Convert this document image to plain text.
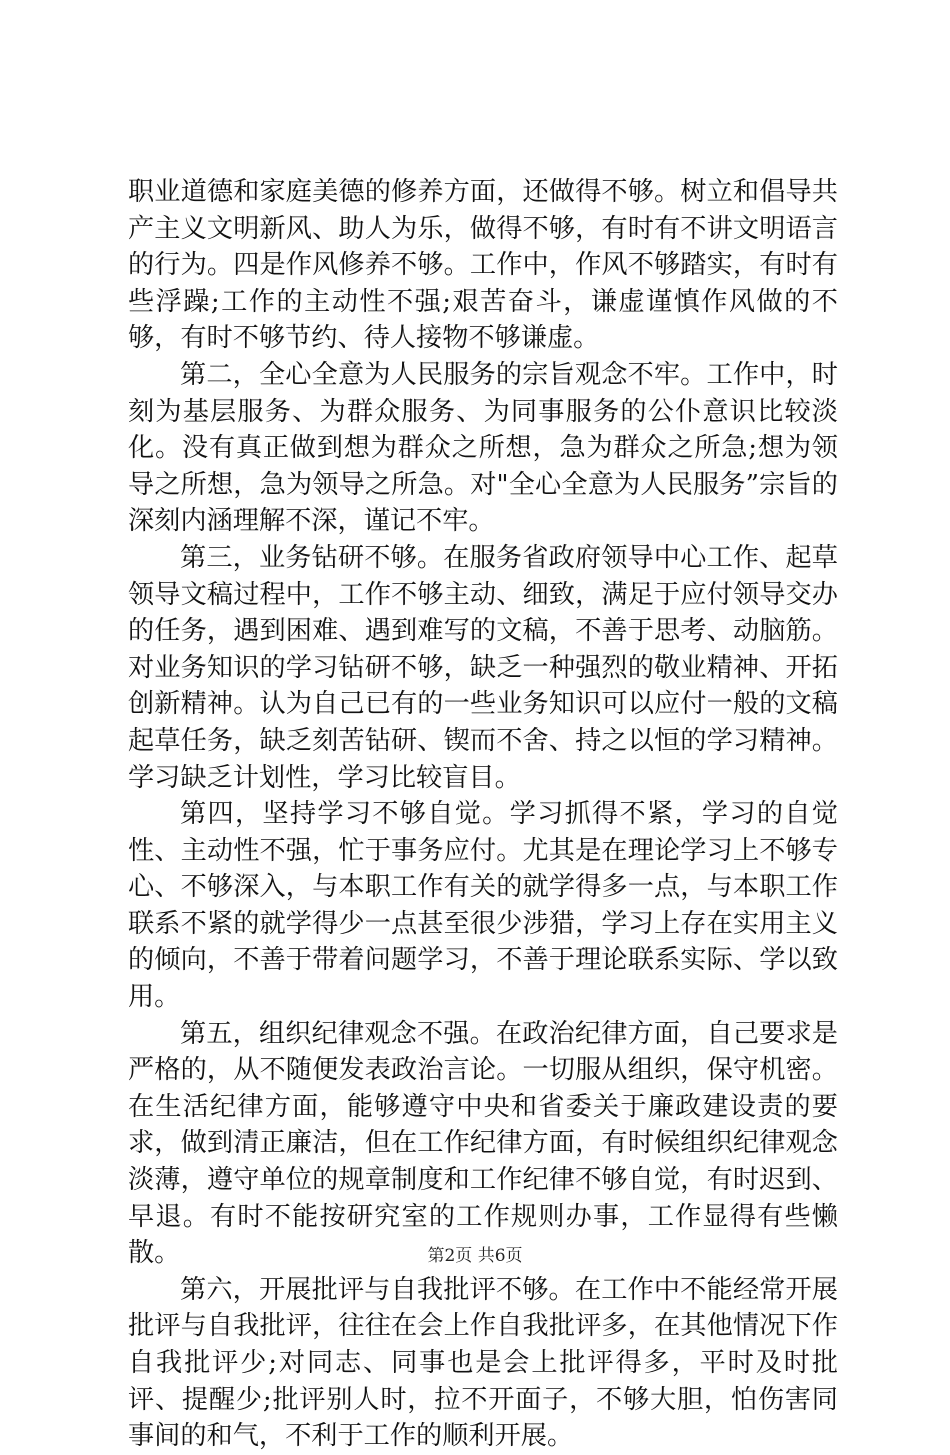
职业道德和家庭美德的修养方面，还做得不够。树立和倡导共产主义文明新风、助人为乐，做得不够，有时有不讲文明语言的行为。四是作风修养不够。工作中，作风不够踏实，有时有些浮躁;工作的主动性不强;艰苦奋斗，谦虚谨慎作风做的不够，有时不够节约、待人接物不够谦虚。

第二，全心全意为人民服务的宗旨观念不牢。工作中，时刻为基层服务、为群众服务、为同事服务的公仆意识比较淡化。没有真正做到想为群众之所想，急为群众之所急;想为领导之所想，急为领导之所急。对"全心全意为人民服务”宗旨的深刻内涵理解不深，谨记不牢。

第三，业务钻研不够。在服务省政府领导中心工作、起草领导文稿过程中，工作不够主动、细致，满足于应付领导交办的任务，遇到困难、遇到难写的文稿，不善于思考、动脑筋。对业务知识的学习钻研不够，缺乏一种强烈的敬业精神、开拓创新精神。认为自己已有的一些业务知识可以应付一般的文稿起草任务，缺乏刻苦钻研、锲而不舍、持之以恒的学习精神。学习缺乏计划性，学习比较盲目。

第四，坚持学习不够自觉。学习抓得不紧，学习的自觉性、主动性不强，忙于事务应付。尤其是在理论学习上不够专心、不够深入，与本职工作有关的就学得多一点，与本职工作联系不紧的就学得少一点甚至很少涉猎，学习上存在实用主义的倾向，不善于带着问题学习，不善于理论联系实际、学以致用。

第五，组织纪律观念不强。在政治纪律方面，自己要求是严格的，从不随便发表政治言论。一切服从组织，保守机密。在生活纪律方面，能够遵守中央和省委关于廉政建设责的要求，做到清正廉洁，但在工作纪律方面，有时候组织纪律观念淡薄，遵守单位的规章制度和工作纪律不够自觉，有时迟到、早退。有时不能按研究室的工作规则办事，工作显得有些懒散。

第六，开展批评与自我批评不够。在工作中不能经常开展批评与自我批评，往往在会上作自我批评多，在其他情况下作自我批评少;对同志、同事也是会上批评得多，平时及时批评、提醒少;批评别人时，拉不开面子，不够大胆，怕伤害同事间的和气，不利于工作的顺利开展。

第2页 共6页
